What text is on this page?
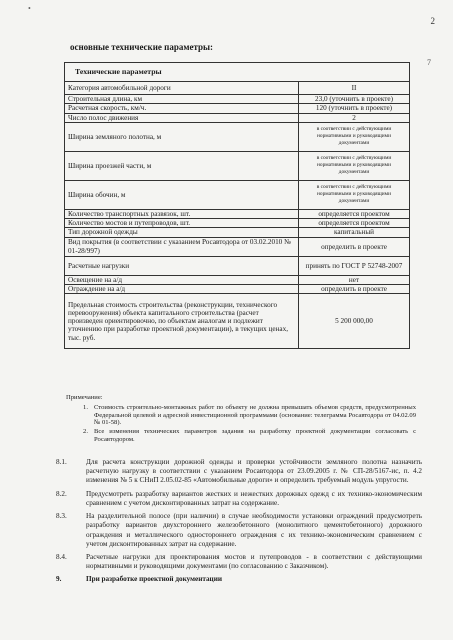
•
2
7
основные технические параметры:
Технические параметры	
Категория автомобильной дороги	II
Строительная длина, км	23,0 (уточнить в проекте)
Расчетная скорость, км/ч.	120 (уточнить в проекте)
Число полос движения	2
Ширина земляного полотна, м	в соответствии с действующими нормативными и руководящими документами
Ширина проезжей части, м	в соответствии с действующими нормативными и руководящими документами
Ширина обочин, м	в соответствии с действующими нормативными и руководящими документами
Количество транспортных развязок, шт.	определяется проектом
Количество мостов и путепроводов, шт.	определяется проектом
Тип дорожной одежды	капитальный
Вид покрытия (в соответствии с указанием Росавтодора от 03.02.2010 № 01-28/997)	определить в проекте
Расчетные нагрузки	принять по ГОСТ Р 52748-2007
Освещение на а/д	нет
Ограждение на а/д	определить в проекте
Предельная стоимость строительства (реконструкции, технического перевооружения) объекта капитального строительства (расчет произведен ориентировочно, по объектам аналогам и подлежит уточнению при разработке проектной документации), в текущих ценах, тыс. руб.	5 200 000,00
Примечание:
1. Стоимость строительно-монтажных работ по объекту не должна превышать объемов средств, предусмотренных Федеральной целевой и адресной инвестиционной программами (основание: телеграмма Росавтодора от 04.02.09 № 01-58).
2. Все изменения технических параметров задания на разработку проектной документации согласовать с Росавтодором.
8.1.	Для расчета конструкции дорожной одежды и проверки устойчивости земляного полотна назначить расчетную нагрузку в соответствии с указанием Росавтодора от 23.09.2005 г. № СП-28/5167-ис, п. 4.2 изменения № 5 к СНиП 2.05.02-85 «Автомобильные дороги» и определить требуемый модуль упругости.
8.2.	Предусмотреть разработку вариантов жестких и нежестких дорожных одежд с их технико-экономическим сравнением с учетом дисконтированных затрат на содержание.
8.3.	На разделительной полосе (при наличии) в случае необходимости установки ограждений предусмотреть разработку вариантов двухстороннего железобетонного (монолитного цементобетонного) дорожного ограждения и металлического одностороннего ограждения с их технико-экономическим сравнением с учетом дисконтированных затрат на содержание.
8.4.	Расчетные нагрузки для проектирования мостов и путепроводов - в соответствии с действующими нормативными и руководящими документами (по согласованию с Заказчиком).
9.	При разработке проектной документации
